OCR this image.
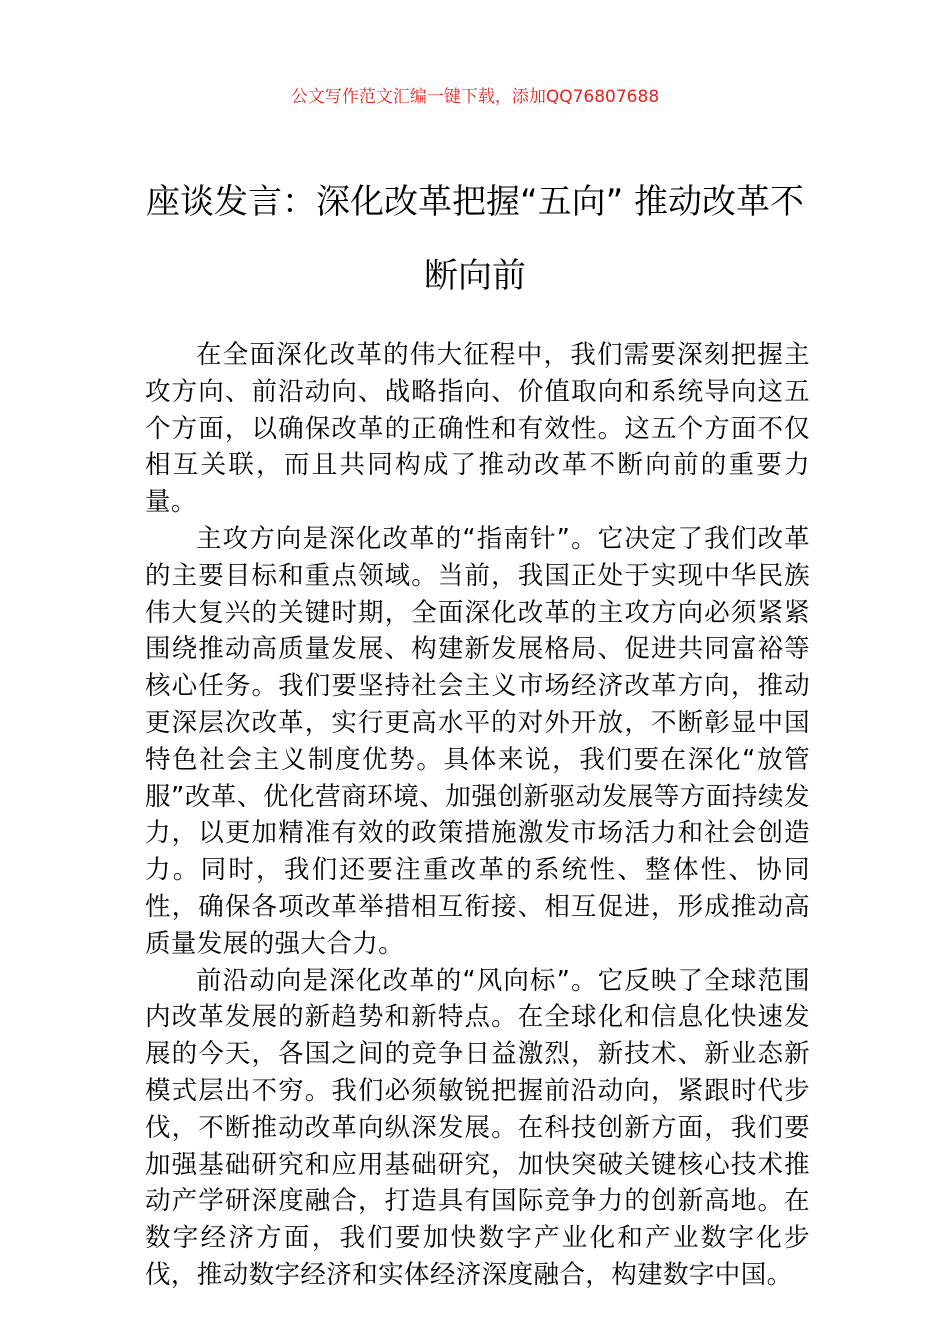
公文写作范文汇编一键下载，添加QQ76807688
座谈发言：深化改革把握“五向” 推动改革不断向前

在全面深化改革的伟大征程中，我们需要深刻把握主攻方向、前沿动向、战略指向、价值取向和系统导向这五个方面，以确保改革的正确性和有效性。这五个方面不仅相互关联，而且共同构成了推动改革不断向前的重要力量。

主攻方向是深化改革的“指南针”。它决定了我们改革的主要目标和重点领域。当前，我国正处于实现中华民族伟大复兴的关键时期，全面深化改革的主攻方向必须紧紧围绕推动高质量发展、构建新发展格局、促进共同富裕等核心任务。我们要坚持社会主义市场经济改革方向，推动更深层次改革，实行更高水平的对外开放，不断彰显中国特色社会主义制度优势。具体来说，我们要在深化“放管服”改革、优化营商环境、加强创新驱动发展等方面持续发力，以更加精准有效的政策措施激发市场活力和社会创造力。同时，我们还要注重改革的系统性、整体性、协同性，确保各项改革举措相互衔接、相互促进，形成推动高质量发展的强大合力。

前沿动向是深化改革的“风向标”。它反映了全球范围内改革发展的新趋势和新特点。在全球化和信息化快速发展的今天，各国之间的竞争日益激烈，新技术、新业态新模式层出不穷。我们必须敏锐把握前沿动向，紧跟时代步伐，不断推动改革向纵深发展。在科技创新方面，我们要加强基础研究和应用基础研究，加快突破关键核心技术推动产学研深度融合，打造具有国际竞争力的创新高地。在数字经济方面，我们要加快数字产业化和产业数字化步伐，推动数字经济和实体经济深度融合，构建数字中国。
